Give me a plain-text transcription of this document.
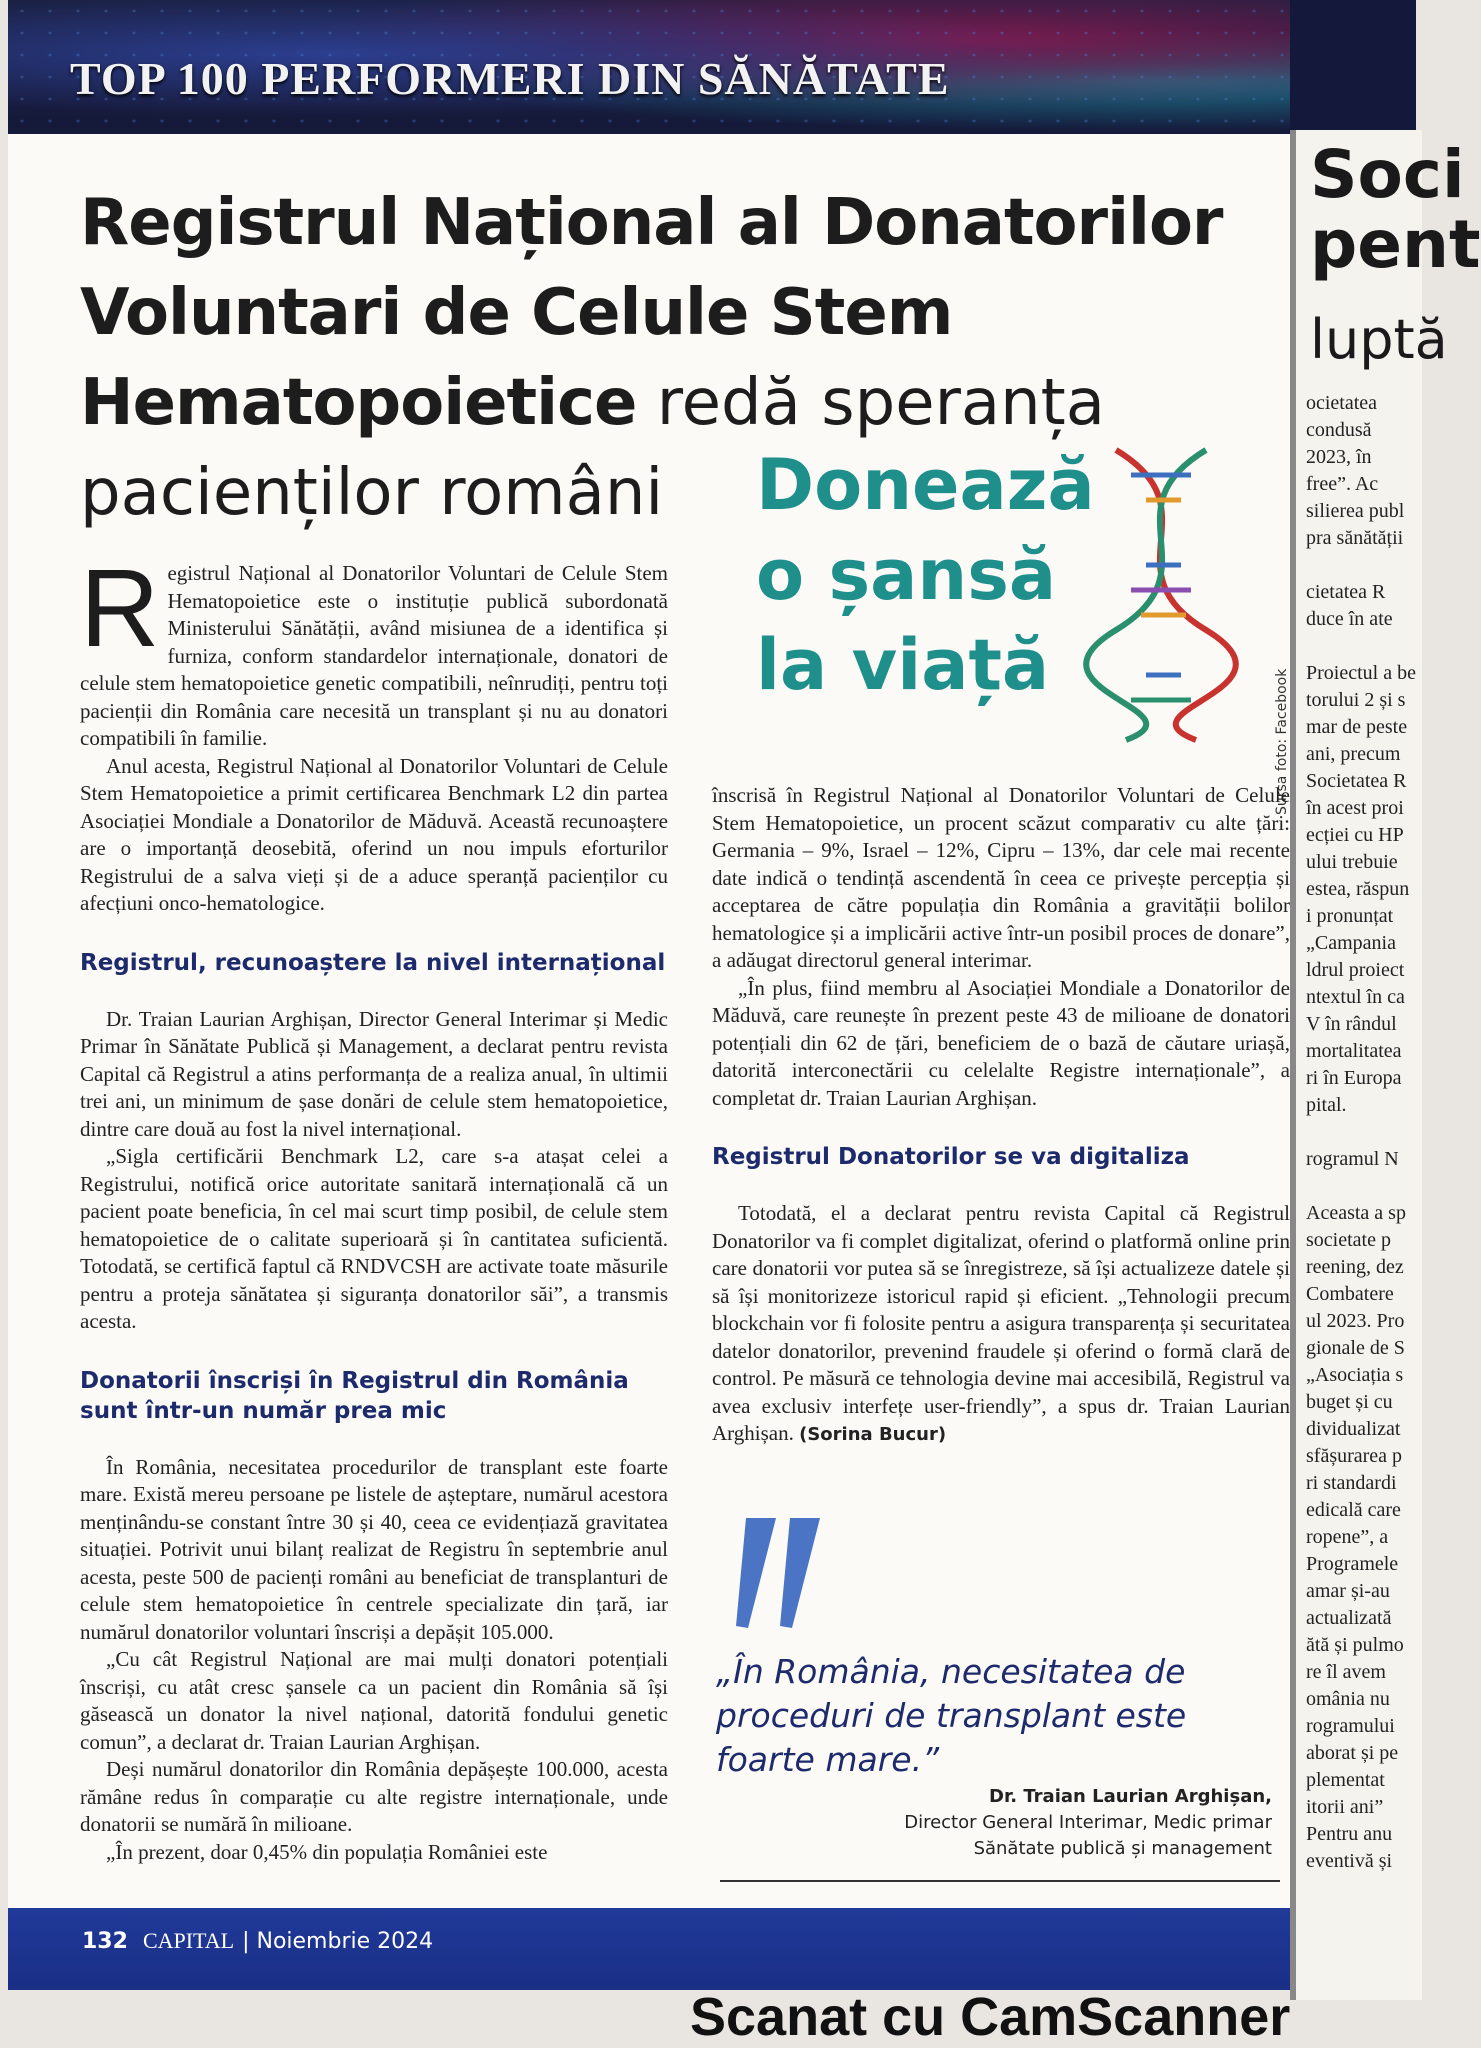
TOP 100 PERFORMERI DIN SĂNĂTATE
Registrul Național al Donatorilor Voluntari de Celule Stem Hematopoietice redă speranța pacienților români	Donează
o șansă
la viață
Sursa foto: Facebook

Registrul Național al Donatorilor Voluntari de Celule Stem Hematopoietice este o instituție publică subordonată Ministerului Sănătății, având misiunea de a identifica și furniza, conform standardelor internaționale, donatori de celule stem hematopoietice genetic compatibili, neînrudiți, pentru toți pacienții din România care necesită un transplant și nu au donatori compatibili în familie.

Anul acesta, Registrul Național al Donatorilor Voluntari de Celule Stem Hematopoietice a primit certificarea Benchmark L2 din partea Asociației Mondiale a Donatorilor de Măduvă. Această recunoaștere are o importanță deosebită, oferind un nou impuls eforturilor Registrului de a salva vieți și de a aduce speranță pacienților cu afecțiuni onco-hematologice.

Registrul, recunoaștere la nivel internațional

Dr. Traian Laurian Arghișan, Director General Interimar și Medic Primar în Sănătate Publică și Management, a declarat pentru revista Capital că Registrul a atins performanța de a realiza anual, în ultimii trei ani, un minimum de șase donări de celule stem hematopoietice, dintre care două au fost la nivel internațional.

„Sigla certificării Benchmark L2, care s-a atașat celei a Registrului, notifică orice autoritate sanitară internațională că un pacient poate beneficia, în cel mai scurt timp posibil, de celule stem hematopoietice de o calitate superioară și în cantitatea suficientă. Totodată, se certifică faptul că RNDVCSH are activate toate măsurile pentru a proteja sănătatea și siguranța donatorilor săi”, a transmis acesta.

Donatorii înscriși în Registrul din România sunt într-un număr prea mic

În România, necesitatea procedurilor de transplant este foarte mare. Există mereu persoane pe listele de așteptare, numărul acestora menținându-se constant între 30 și 40, ceea ce evidențiază gravitatea situației. Potrivit unui bilanț realizat de Registru în septembrie anul acesta, peste 500 de pacienți români au beneficiat de transplanturi de celule stem hematopoietice în centrele specializate din țară, iar numărul donatorilor voluntari înscriși a depășit 105.000.

„Cu cât Registrul Național are mai mulți donatori potențiali înscriși, cu atât cresc șansele ca un pacient din România să își găsească un donator la nivel național, datorită fondului genetic comun”, a declarat dr. Traian Laurian Arghișan.

Deși numărul donatorilor din România depășește 100.000, acesta rămâne redus în comparație cu alte registre internaționale, unde donatorii se numără în milioane.

„În prezent, doar 0,45% din populația României este

înscrisă în Registrul Național al Donatorilor Voluntari de Celule Stem Hematopoietice, un procent scăzut comparativ cu alte țări: Germania – 9%, Israel – 12%, Cipru – 13%, dar cele mai recente date indică o tendință ascendentă în ceea ce privește percepția și acceptarea de către populația din România a gravității bolilor hematologice și a implicării active într-un posibil proces de donare”, a adăugat directorul general interimar.

„În plus, fiind membru al Asociației Mondiale a Donatorilor de Măduvă, care reunește în prezent peste 43 de milioane de donatori potențiali din 62 de țări, beneficiem de o bază de căutare uriașă, datorită interconectării cu celelalte Registre internaționale”, a completat dr. Traian Laurian Arghișan.

Registrul Donatorilor se va digitaliza

Totodată, el a declarat pentru revista Capital că Registrul Donatorilor va fi complet digitalizat, oferind o platformă online prin care donatorii vor putea să se înregistreze, să își actualizeze datele și să își monitorizeze istoricul rapid și eficient. „Tehnologii precum blockchain vor fi folosite pentru a asigura transparența și securitatea datelor donatorilor, prevenind fraudele și oferind o formă clară de control. Pe măsură ce tehnologia devine mai accesibilă, Registrul va avea exclusiv interfețe user-friendly”, a spus dr. Traian Laurian Arghișan. (Sorina Bucur)

„În România, necesitatea de proceduri de transplant este foarte mare.”
Dr. Traian Laurian Arghișan,
Director General Interimar, Medic primar
Sănătate publică și management
132 CAPITAL | Noiembrie 2024
Soci
pent
luptă
ocietatea
condusă
2023, în
free”. Ac
silierea publ
pra sănătății

cietatea R
duce în ate

Proiectul a be
torului 2 și s
mar de peste
ani, precum
Societatea R
în acest proi
ecției cu HP
ului trebuie
estea, răspun
i pronunțat
„Campania
ldrul proiect
ntextul în ca
V în rândul
mortalitatea
ri în Europa
pital.

rogramul N

Aceasta a sp
societate p
reening, dez
Combatere
ul 2023. Pro
gionale de S
„Asociația s
buget și cu
dividualizat
sfășurarea p
ri standardi
edicală care
ropene”, a
Programele
amar și-au
actualizată
ătă și pulmo
re îl avem
omânia nu
rogramului
aborat și pe
plementat
itorii ani”
Pentru anu
eventivă și
Scanat cu CamScanner
